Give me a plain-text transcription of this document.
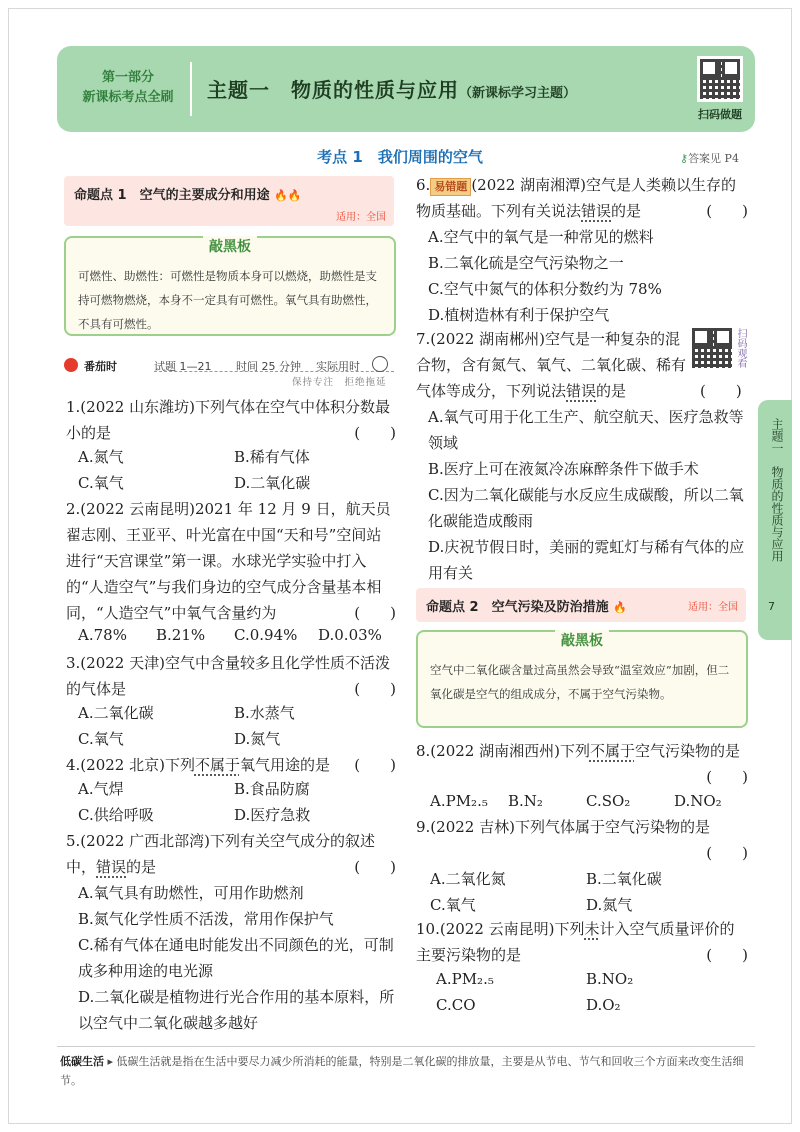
第一部分
新课标考点全刷	主题一　物质的性质与应用（新课标学习主题）
扫码做题
考点 1　我们周围的空气	⚷答案见 P4
命题点 1　空气的主要成分和用途 🔥🔥
适用：全国
敲黑板
可燃性、助燃性：可燃性是物质本身可以燃烧，助燃性是支持可燃物燃烧，本身不一定具有可燃性。氧气具有助燃性，不具有可燃性。
番茄时	试题 1—21 时间 25 分钟 实际用时
保持专注　拒绝拖延
1.(2022 山东潍坊)下列气体在空气中体积分数最小的是	(　　)
A.氮气	B.稀有气体
C.氧气	D.二氧化碳
2.(2022 云南昆明)2021 年 12 月 9 日，航天员翟志刚、王亚平、叶光富在中国“天和号”空间站进行“天宫课堂”第一课。水球光学实验中打入的“人造空气”与我们身边的空气成分含量基本相同，“人造空气”中氧气含量约为	(　　)
A.78% B.21% C.0.94% D.0.03%
3.(2022 天津)空气中含量较多且化学性质不活泼的气体是	(　　)
A.二氧化碳	B.水蒸气
C.氧气	D.氮气
4.(2022 北京)下列不属于氧气用途的是	(　　)
A.气焊	B.食品防腐
C.供给呼吸	D.医疗急救
5.(2022 广西北部湾)下列有关空气成分的叙述中，错误的是	(　　)
A.氧气具有助燃性，可用作助燃剂
B.氮气化学性质不活泼，常用作保护气
C.稀有气体在通电时能发出不同颜色的光，可制成多种用途的电光源
D.二氧化碳是植物进行光合作用的基本原料，所以空气中二氧化碳越多越好
6. 易错题 (2022 湖南湘潭)空气是人类赖以生存的物质基础。下列有关说法错误的是	(　　)
A.空气中的氧气是一种常见的燃料
B.二氧化硫是空气污染物之一
C.空气中氮气的体积分数约为 78%
D.植树造林有利于保护空气
7.(2022 湖南郴州)空气是一种复杂的混合物，含有氮气、氧气、二氧化碳、稀有气体等成分，下列说法错误的是	(　　)
扫码观看
A.氧气可用于化工生产、航空航天、医疗急救等领域
B.医疗上可在液氮冷冻麻醉条件下做手术
C.因为二氧化碳能与水反应生成碳酸，所以二氧化碳能造成酸雨
D.庆祝节假日时，美丽的霓虹灯与稀有气体的应用有关
命题点 2　空气污染及防治措施 🔥	适用：全国
敲黑板
空气中二氧化碳含量过高虽然会导致“温室效应”加剧，但二氧化碳是空气的组成成分，不属于空气污染物。
8.(2022 湖南湘西州)下列不属于空气污染物的是
(　　)
A.PM₂.₅ B.N₂	C.SO₂	D.NO₂
9.(2022 吉林)下列气体属于空气污染物的是
(　　)
A.二氧化氮	B.二氧化碳
C.氧气	D.氮气
10.(2022 云南昆明)下列未计入空气质量评价的主要污染物的是	(　　)
A.PM₂.₅	B.NO₂
C.CO	D.O₂
主题一　物质的性质与应用
7
低碳生活 ▸ 低碳生活就是指在生活中要尽力减少所消耗的能量，特别是二氧化碳的排放量，主要是从节电、节气和回收三个方面来改变生活细节。
